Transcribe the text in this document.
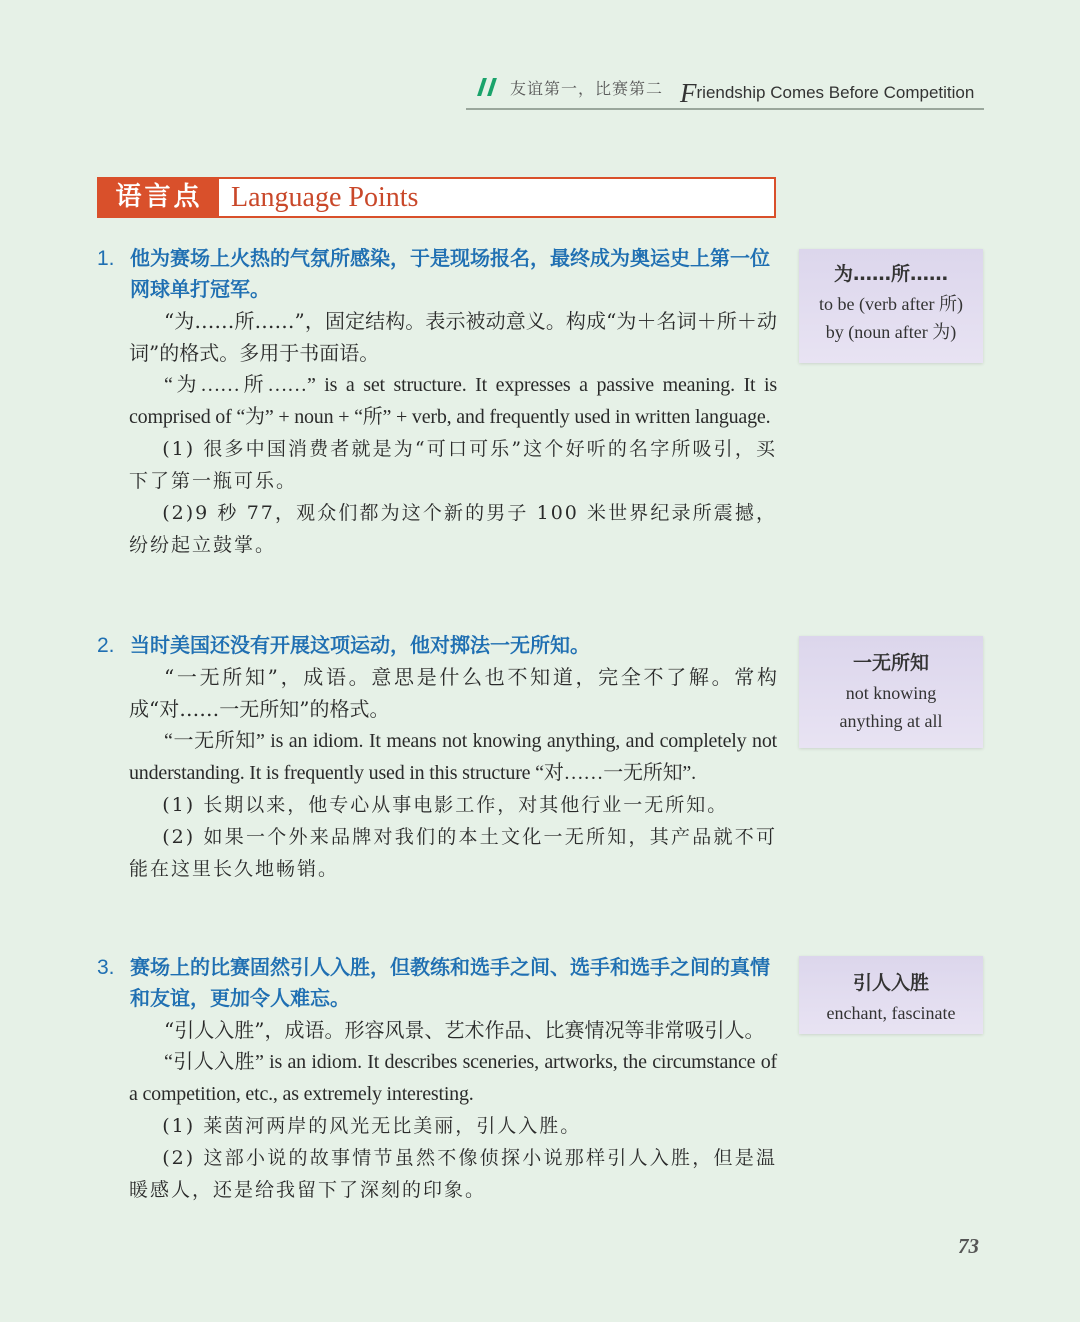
友谊第一，比赛第二 Friendship Comes Before Competition
语言点	Language Points
1. 他为赛场上火热的气氛所感染，于是现场报名，最终成为奥运史上第一位网球单打冠军。

“为……所……”，固定结构。表示被动意义。构成“为＋名词＋所＋动词”的格式。多用于书面语。

“为……所……” is a set structure. It expresses a passive meaning. It is comprised of “为” + noun + “所” + verb, and frequently used in written language.

(1) 很多中国消费者就是为“可口可乐”这个好听的名字所吸引，买下了第一瓶可乐。

(2)9 秒 77，观众们都为这个新的男子 100 米世界纪录所震撼，纷纷起立鼓掌。

为……所……
to be (verb after 所)
by (noun after 为)
2. 当时美国还没有开展这项运动，他对掷法一无所知。

“一无所知”，成语。意思是什么也不知道，完全不了解。常构成“对……一无所知”的格式。

“一无所知” is an idiom. It means not knowing anything, and completely not understanding. It is frequently used in this structure “对……一无所知”.

(1) 长期以来，他专心从事电影工作，对其他行业一无所知。

(2) 如果一个外来品牌对我们的本土文化一无所知，其产品就不可能在这里长久地畅销。

一无所知
not knowing
anything at all
3. 赛场上的比赛固然引人入胜，但教练和选手之间、选手和选手之间的真情和友谊，更加令人难忘。

“引人入胜”，成语。形容风景、艺术作品、比赛情况等非常吸引人。

“引人入胜” is an idiom. It describes sceneries, artworks, the circumstance of a competition, etc., as extremely interesting.

(1) 莱茵河两岸的风光无比美丽，引人入胜。

(2) 这部小说的故事情节虽然不像侦探小说那样引人入胜，但是温暖感人，还是给我留下了深刻的印象。

引人入胜
enchant, fascinate
73
